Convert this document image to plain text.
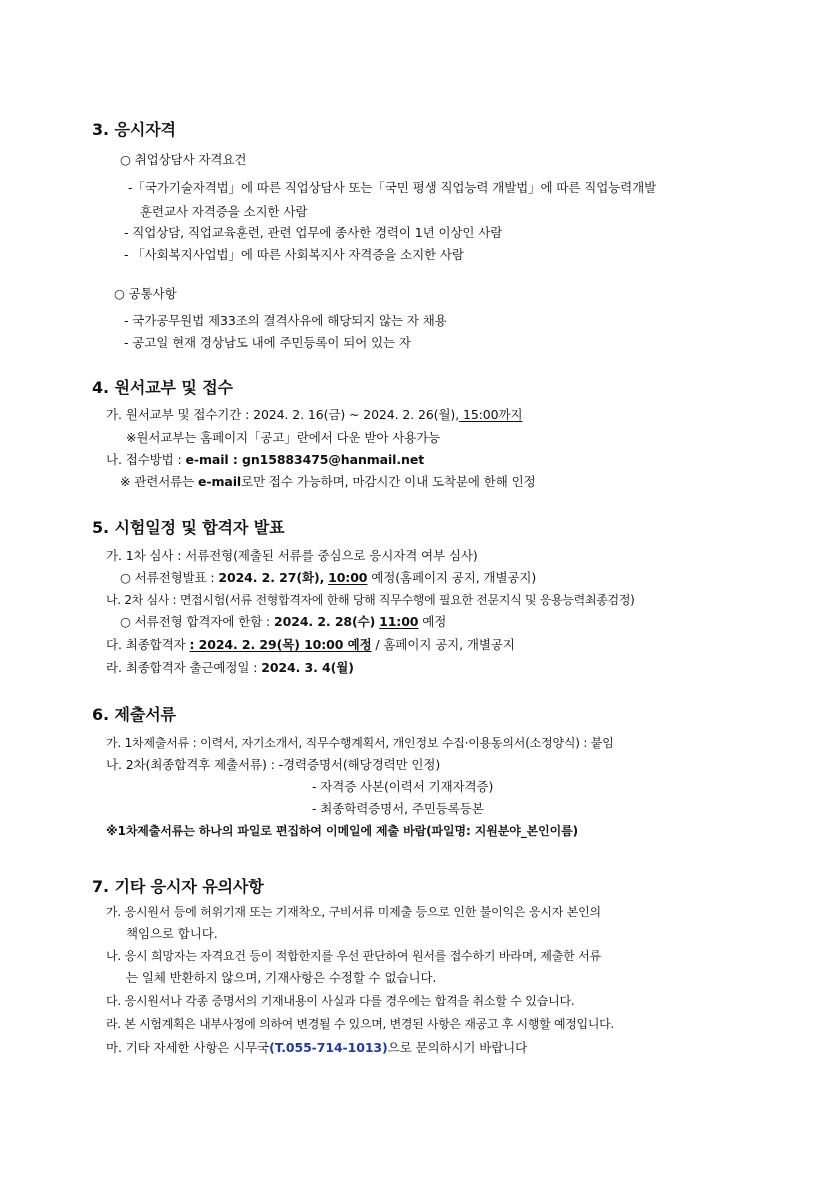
3. 응시자격
○ 취업상담사 자격요건
-「국가기술자격법」에 따른 직업상담사 또는「국민 평생 직업능력 개발법」에 따른 직업능력개발
훈련교사 자격증을 소지한 사람
- 직업상담, 직업교육훈련, 관련 업무에 종사한 경력이 1년 이상인 사람
- 「사회복지사업법」에 따른 사회복지사 자격증을 소지한 사람
○ 공통사항
- 국가공무원법 제33조의 결격사유에 해당되지 않는 자 채용
- 공고일 현재 경상남도 내에 주민등록이 되어 있는 자
4. 원서교부 및 접수
가. 원서교부 및 접수기간 : 2024. 2. 16(금) ~ 2024. 2. 26(월), 15:00까지
※원서교부는 홈페이지「공고」란에서 다운 받아 사용가능
나. 접수방법 : e-mail : gn15883475@hanmail.net
※ 관련서류는 e-mail로만 접수 가능하며, 마감시간 이내 도착분에 한해 인정
5. 시험일정 및 합격자 발표
가. 1차 심사 : 서류전형(제출된 서류를 중심으로 응시자격 여부 심사)
○ 서류전형발표 : 2024. 2. 27(화), 10:00 예정(홈페이지 공지, 개별공지)
나. 2차 심사 : 면접시험(서류 전형합격자에 한해 당해 직무수행에 필요한 전문지식 및 응용능력최종검정)
○ 서류전형 합격자에 한함 : 2024. 2. 28(수) 11:00 예정
다. 최종합격자 : 2024. 2. 29(목) 10:00 예정 / 홈페이지 공지, 개별공지
라. 최종합격자 출근예정일 : 2024. 3. 4(월)
6. 제출서류
가. 1차제출서류 : 이력서, 자기소개서, 직무수행계획서, 개인정보 수집·이용동의서(소정양식) : 붙임
나. 2차(최종합격후 제출서류) : -경력증명서(해당경력만 인정)
- 자격증 사본(이력서 기재자격증)
- 최종학력증명서, 주민등록등본
※1차제출서류는 하나의 파일로 편집하여 이메일에 제출 바람(파일명: 지원분야_본인이름)
7. 기타 응시자 유의사항
가. 응시원서 등에 허위기재 또는 기재착오, 구비서류 미제출 등으로 인한 불이익은 응시자 본인의
책임으로 합니다.
나. 응시 희망자는 자격요건 등이 적합한지를 우선 판단하여 원서를 접수하기 바라며, 제출한 서류
는 일체 반환하지 않으며, 기재사항은 수정할 수 없습니다.
다. 응시원서나 각종 증명서의 기재내용이 사실과 다를 경우에는 합격을 취소할 수 있습니다.
라. 본 시험계획은 내부사정에 의하여 변경될 수 있으며, 변경된 사항은 재공고 후 시행할 예정입니다.
마. 기타 자세한 사항은 시무국(T.055-714-1013)으로 문의하시기 바랍니다
